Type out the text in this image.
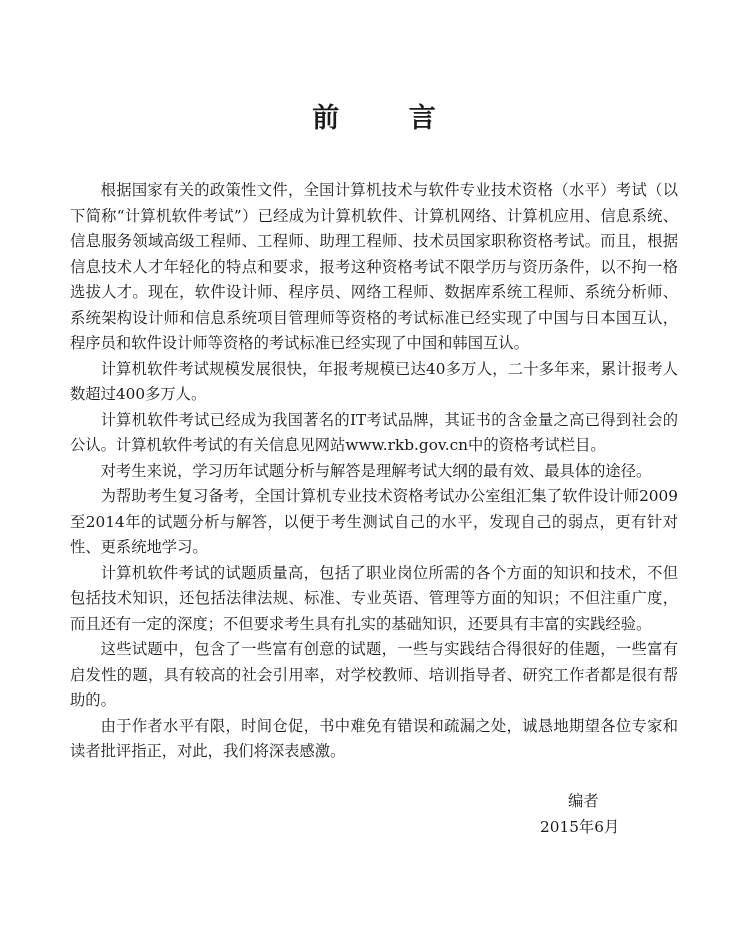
前 言

根据国家有关的政策性文件，全国计算机技术与软件专业技术资格（水平）考试（以下简称“计算机软件考试”）已经成为计算机软件、计算机网络、计算机应用、信息系统、信息服务领域高级工程师、工程师、助理工程师、技术员国家职称资格考试。而且，根据信息技术人才年轻化的特点和要求，报考这种资格考试不限学历与资历条件，以不拘一格选拔人才。现在，软件设计师、程序员、网络工程师、数据库系统工程师、系统分析师、系统架构设计师和信息系统项目管理师等资格的考试标准已经实现了中国与日本国互认，程序员和软件设计师等资格的考试标准已经实现了中国和韩国互认。

计算机软件考试规模发展很快，年报考规模已达40多万人，二十多年来，累计报考人数超过400多万人。

计算机软件考试已经成为我国著名的IT考试品牌，其证书的含金量之高已得到社会的公认。计算机软件考试的有关信息见网站www.rkb.gov.cn中的资格考试栏目。

对考生来说，学习历年试题分析与解答是理解考试大纲的最有效、最具体的途径。

为帮助考生复习备考，全国计算机专业技术资格考试办公室组汇集了软件设计师2009至2014年的试题分析与解答，以便于考生测试自己的水平，发现自己的弱点，更有针对性、更系统地学习。

计算机软件考试的试题质量高，包括了职业岗位所需的各个方面的知识和技术，不但包括技术知识，还包括法律法规、标准、专业英语、管理等方面的知识；不但注重广度，而且还有一定的深度；不但要求考生具有扎实的基础知识，还要具有丰富的实践经验。

这些试题中，包含了一些富有创意的试题，一些与实践结合得很好的佳题，一些富有启发性的题，具有较高的社会引用率，对学校教师、培训指导者、研究工作者都是很有帮助的。

由于作者水平有限，时间仓促，书中难免有错误和疏漏之处，诚恳地期望各位专家和读者批评指正，对此，我们将深表感激。

编者
2015年6月
